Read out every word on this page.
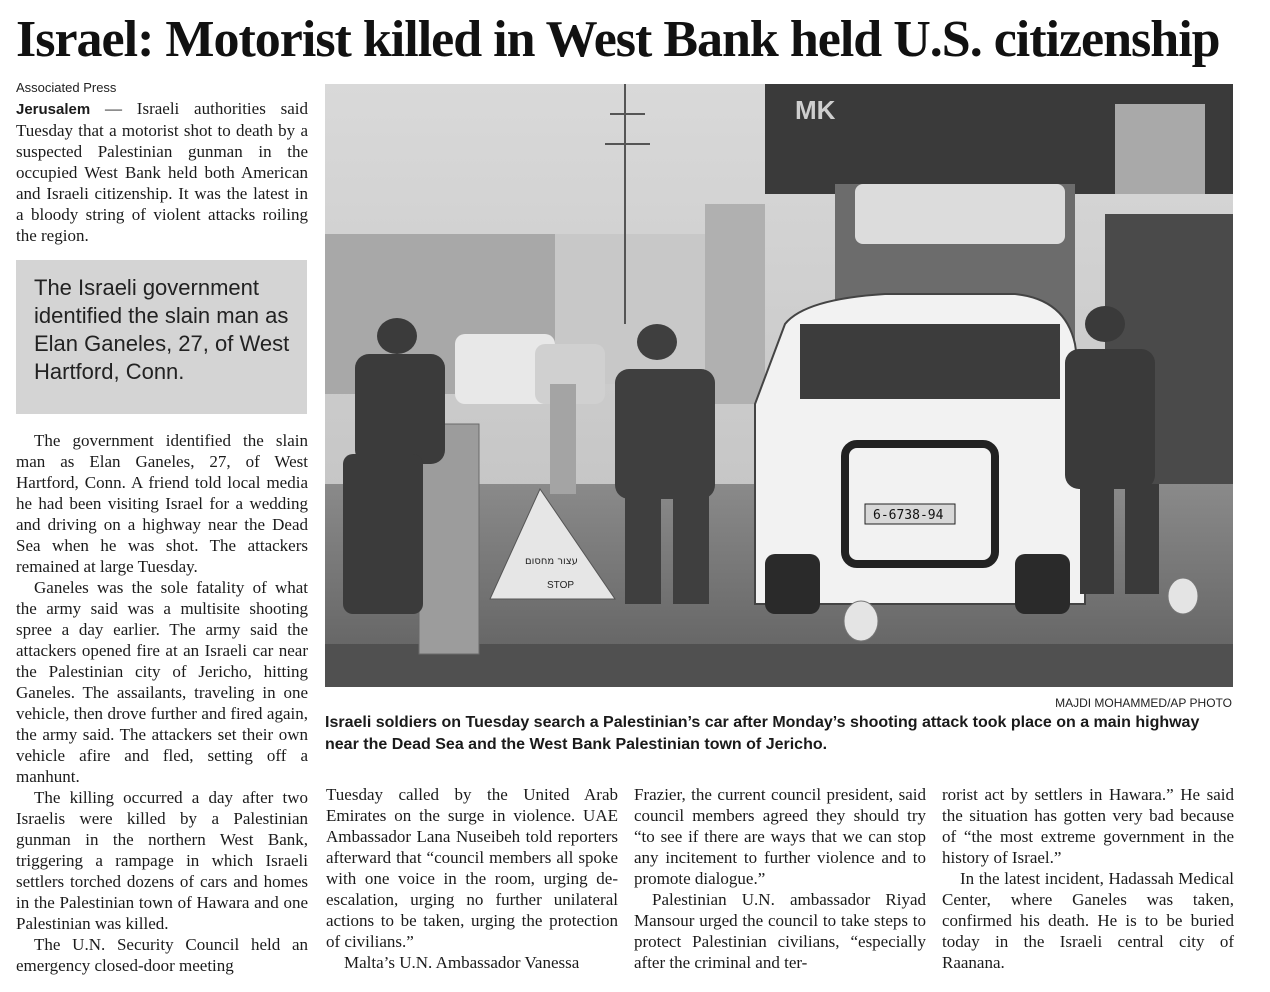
Israel: Motorist killed in West Bank held U.S. citizenship
Associated Press

Jerusalem — Israeli authorities said Tuesday that a motorist shot to death by a suspected Palestinian gunman in the occupied West Bank held both American and Israeli citizenship. It was the latest in a bloody string of violent attacks roiling the region.

The Israeli government identified the slain man as Elan Ganeles, 27, of West Hartford, Conn.

The government identified the slain man as Elan Ganeles, 27, of West Hartford, Conn. A friend told local media he had been visiting Israel for a wedding and driving on a highway near the Dead Sea when he was shot. The attackers remained at large Tuesday.

Ganeles was the sole fatality of what the army said was a multisite shooting spree a day earlier. The army said the attackers opened fire at an Israeli car near the Palestinian city of Jericho, hitting Ganeles. The assailants, traveling in one vehicle, then drove further and fired again, the army said. The attackers set their own vehicle afire and fled, setting off a manhunt.

The killing occurred a day after two Israelis were killed by a Palestinian gunman in the northern West Bank, triggering a rampage in which Israeli settlers torched dozens of cars and homes in the Palestinian town of Hawara and one Palestinian was killed.

The U.N. Security Council held an emergency closed-door meeting

MK
עצור מחסום
STOP
6-6738-94
MAJDI MOHAMMED/AP PHOTO
Israeli soldiers on Tuesday search a Palestinian’s car after Monday’s shooting attack took place on a main highway near the Dead Sea and the West Bank Palestinian town of Jericho.

Tuesday called by the United Arab Emirates on the surge in violence. UAE Ambassador Lana Nuseibeh told reporters afterward that “council members all spoke with one voice in the room, urging de-escalation, urging no further unilateral actions to be taken, urging the protection of civilians.”

Malta’s U.N. Ambassador Vanessa

Frazier, the current council president, said council members agreed they should try “to see if there are ways that we can stop any incitement to further violence and to promote dialogue.”

Palestinian U.N. ambassador Riyad Mansour urged the council to take steps to protect Palestinian civilians, “especially after the criminal and ter-

rorist act by settlers in Hawara.” He said the situation has gotten very bad because of “the most extreme government in the history of Israel.”

In the latest incident, Hadassah Medical Center, where Ganeles was taken, confirmed his death. He is to be buried today in the Israeli central city of Raanana.
